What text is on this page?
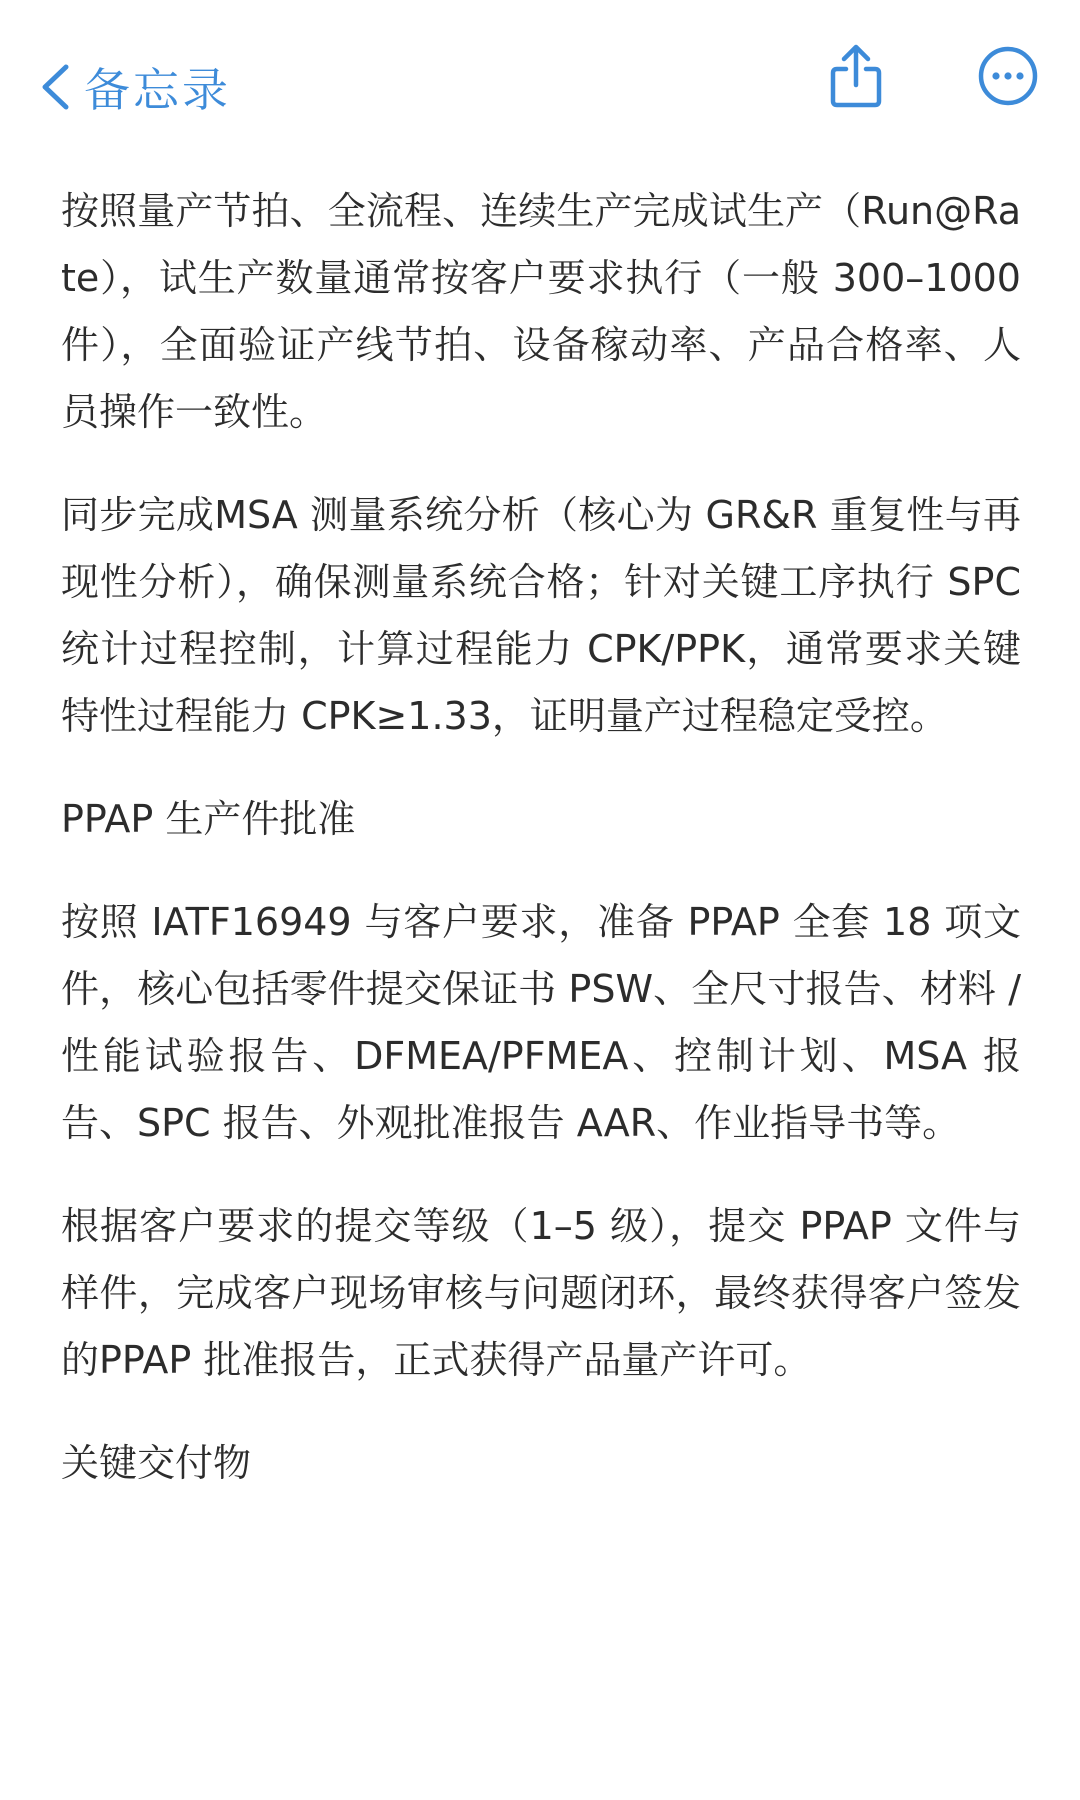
备忘录

按照量产节拍、全流程、连续生产完成试生产（Run@Rate），试生产数量通常按客户要求执行（一般 300–1000 件），全面验证产线节拍、设备稼动率、产品合格率、人员操作一致性。

同步完成MSA 测量系统分析（核心为 GR&R 重复性与再现性分析），确保测量系统合格；针对关键工序执行 SPC 统计过程控制，计算过程能力 CPK/PPK，通常要求关键特性过程能力 CPK≥1.33，证明量产过程稳定受控。

PPAP 生产件批准

按照 IATF16949 与客户要求，准备 PPAP 全套 18 项文件，核心包括零件提交保证书 PSW、全尺寸报告、材料 / 性能试验报告、DFMEA/PFMEA、控制计划、MSA 报告、SPC 报告、外观批准报告 AAR、作业指导书等。

根据客户要求的提交等级（1–5 级），提交 PPAP 文件与样件，完成客户现场审核与问题闭环，最终获得客户签发的PPAP 批准报告，正式获得产品量产许可。

关键交付物
